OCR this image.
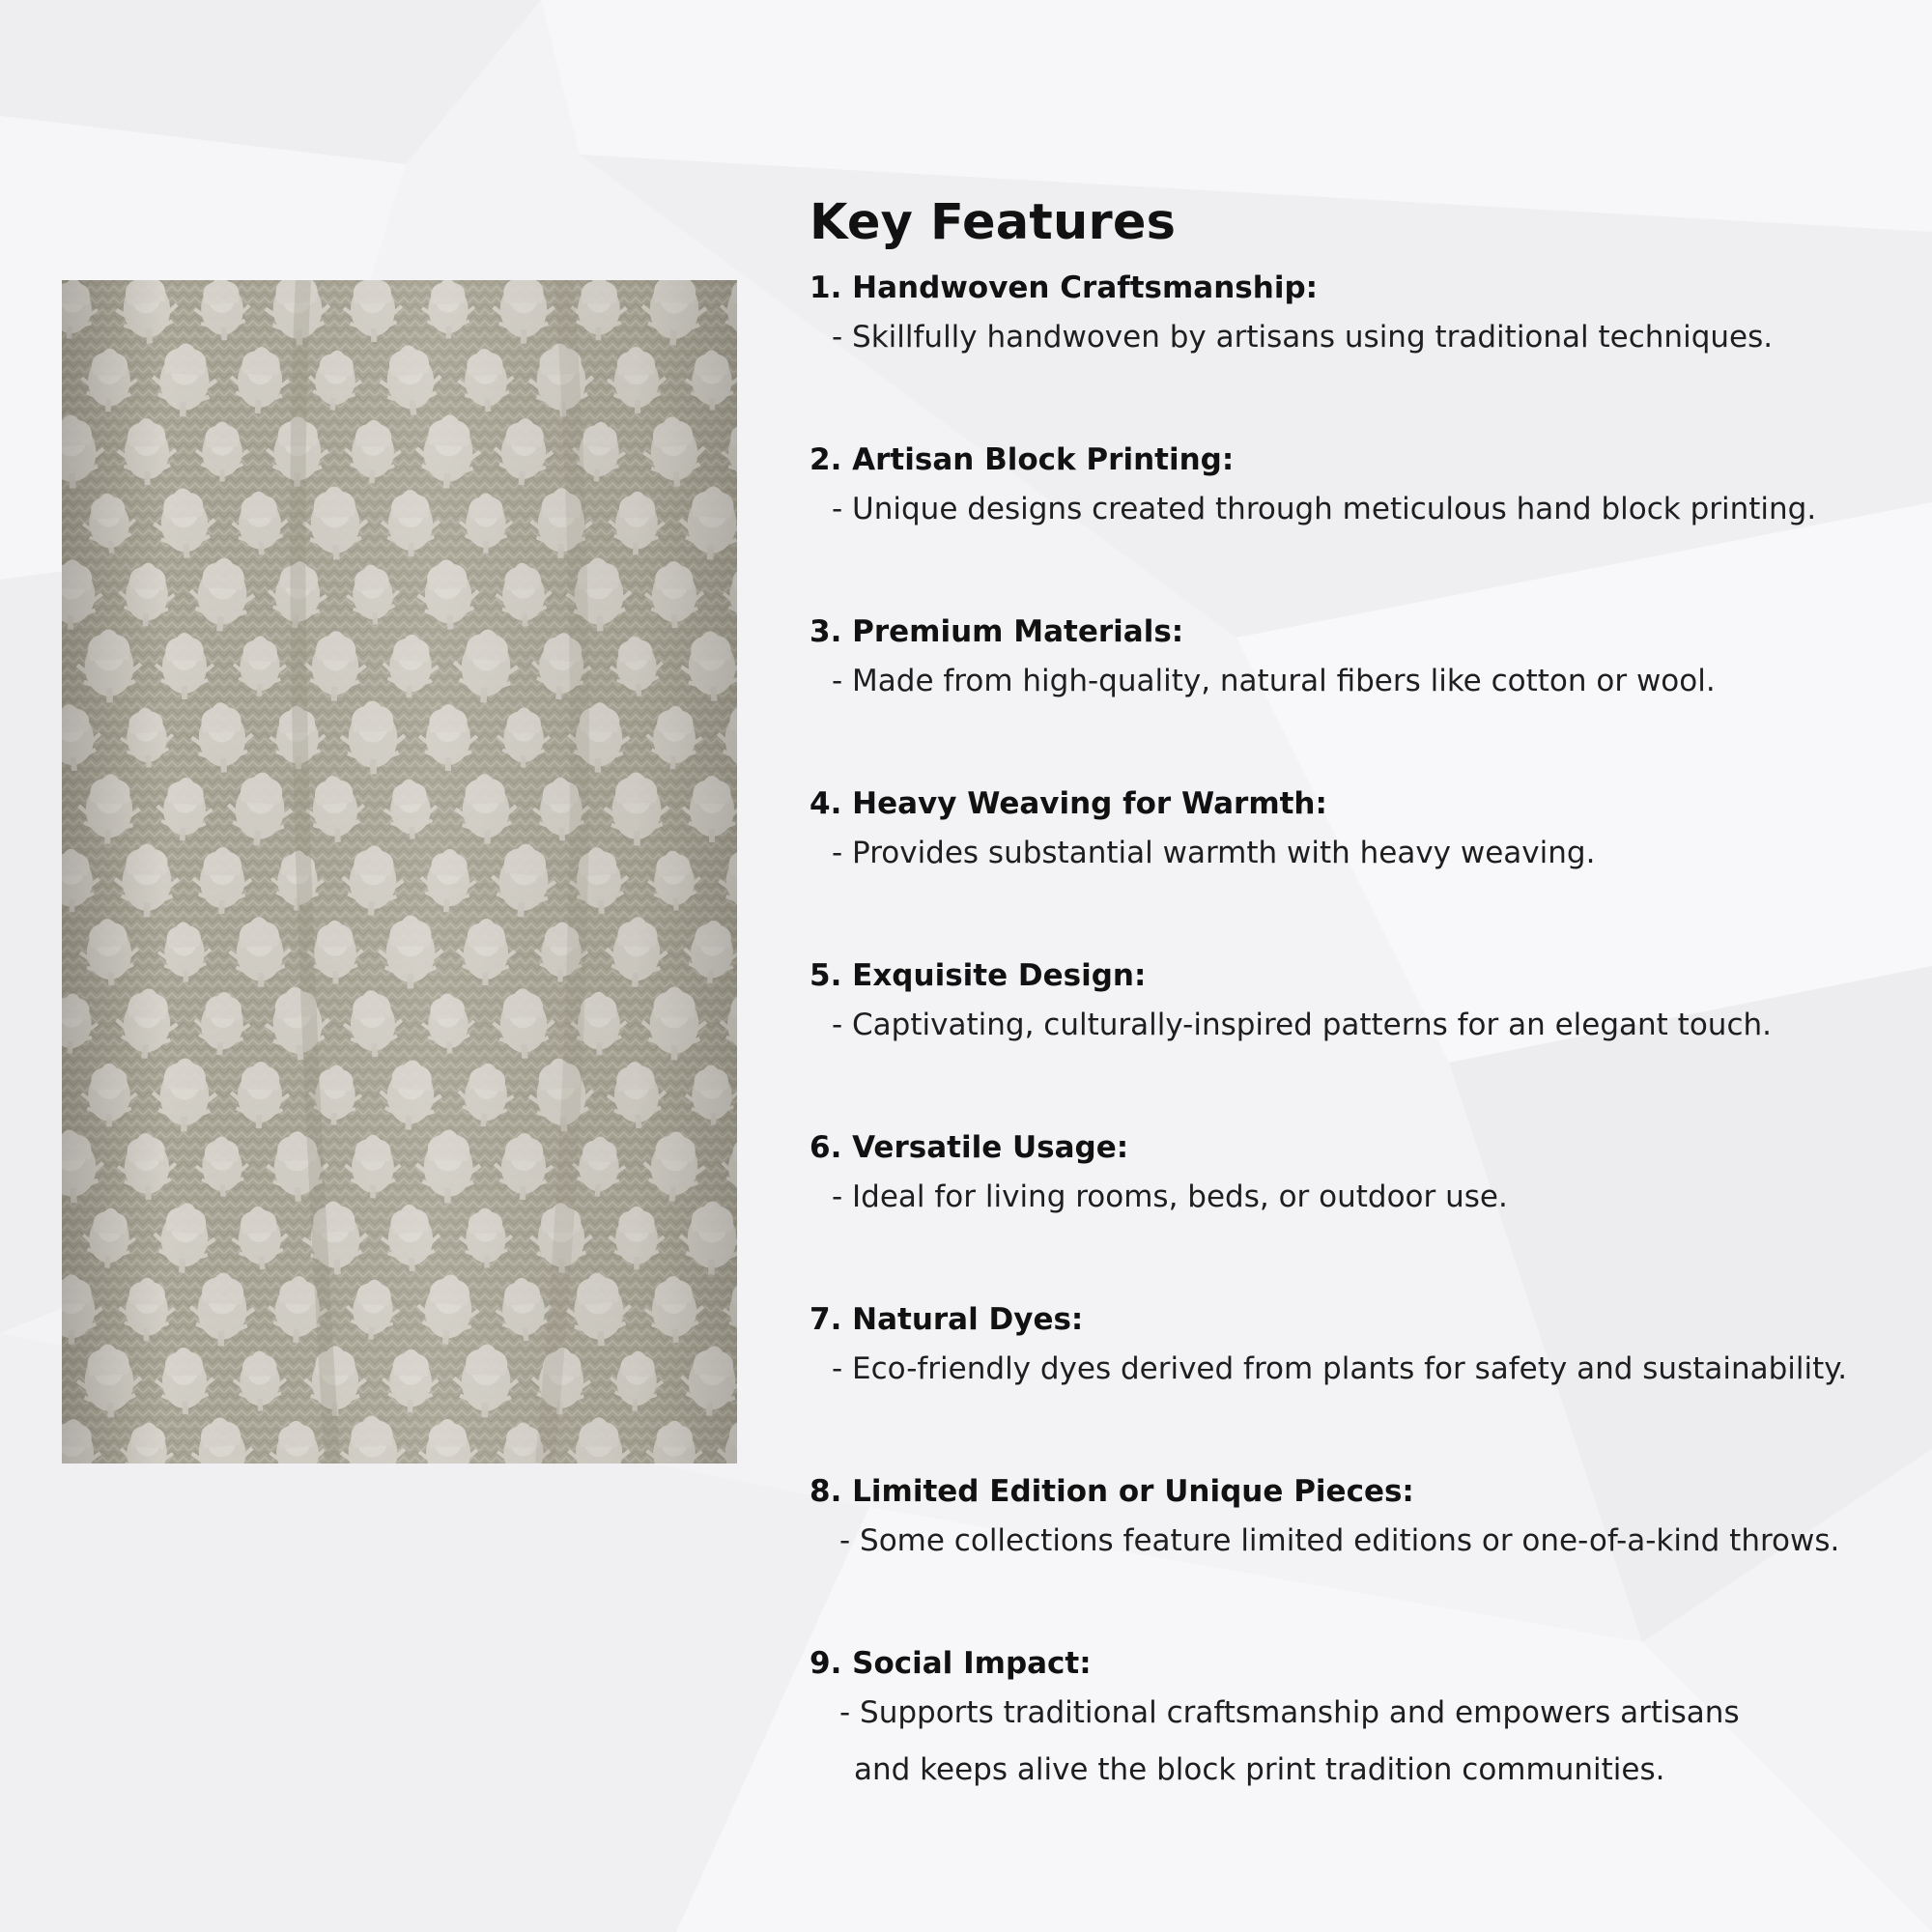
Key Features

1. Handwoven Craftsmanship:

- Skillfully handwoven by artisans using traditional techniques.

2. Artisan Block Printing:

- Unique designs created through meticulous hand block printing.

3. Premium Materials:

- Made from high-quality, natural fibers like cotton or wool.

4. Heavy Weaving for Warmth:

- Provides substantial warmth with heavy weaving.

5. Exquisite Design:

- Captivating, culturally-inspired patterns for an elegant touch.

6. Versatile Usage:

- Ideal for living rooms, beds, or outdoor use.

7. Natural Dyes:

- Eco-friendly dyes derived from plants for safety and sustainability.

8. Limited Edition or Unique Pieces:

- Some collections feature limited editions or one-of-a-kind throws.

9. Social Impact:

- Supports traditional craftsmanship and empowers artisans

and keeps alive the block print tradition communities.
